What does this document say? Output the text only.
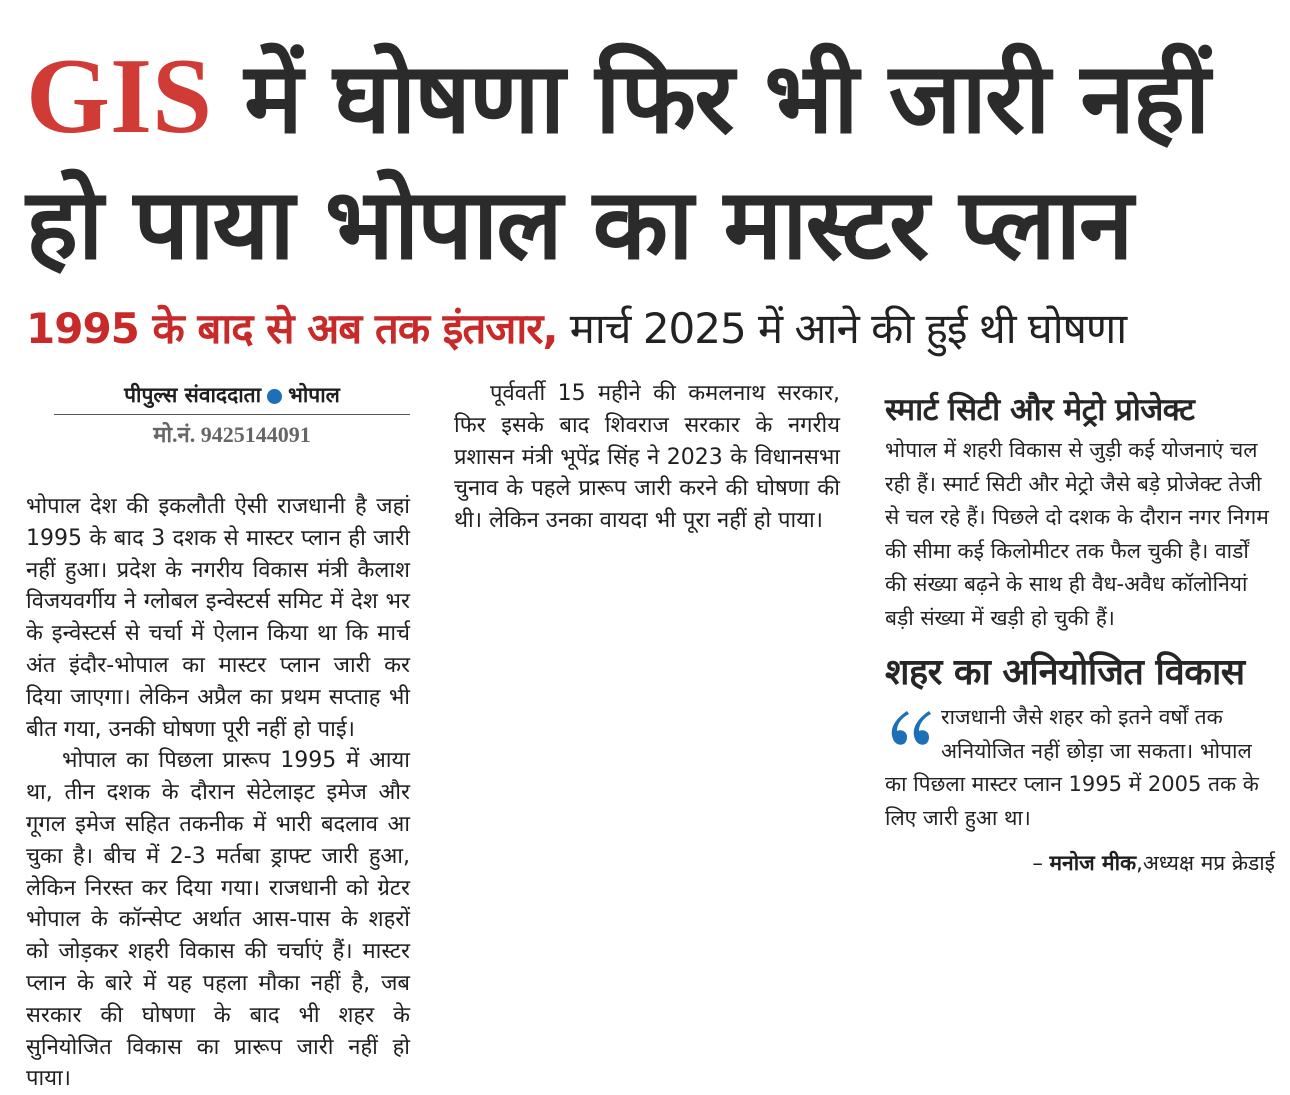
GIS में घोषणा फिर भी जारी नहीं हो पाया भोपाल का मास्टर प्लान
1995 के बाद से अब तक इंतजार, मार्च 2025 में आने की हुई थी घोषणा
पीपुल्स संवाददाता भोपाल
मो.नं. 9425144091

भोपाल देश की इकलौती ऐसी राजधानी है जहां 1995 के बाद 3 दशक से मास्टर प्लान ही जारी नहीं हुआ। प्रदेश के नगरीय विकास मंत्री कैलाश विजयवर्गीय ने ग्लोबल इन्वेस्टर्स समिट में देश भर के इन्वेस्टर्स से चर्चा में ऐलान किया था कि मार्च अंत इंदौर-भोपाल का मास्टर प्लान जारी कर दिया जाएगा। लेकिन अप्रैल का प्रथम सप्ताह भी बीत गया, उनकी घोषणा पूरी नहीं हो पाई।

भोपाल का पिछला प्रारूप 1995 में आया था, तीन दशक के दौरान सेटेलाइट इमेज और गूगल इमेज सहित तकनीक में भारी बदलाव आ चुका है। बीच में 2-3 मर्तबा ड्राफ्ट जारी हुआ, लेकिन निरस्त कर दिया गया। राजधानी को ग्रेटर भोपाल के कॉन्सेप्ट अर्थात आस-पास के शहरों को जोड़कर शहरी विकास की चर्चाएं हैं। मास्टर प्लान के बारे में यह पहला मौका नहीं है, जब सरकार की घोषणा के बाद भी शहर के सुनियोजित विकास का प्रारूप जारी नहीं हो पाया।

पूर्ववर्ती 15 महीने की कमलनाथ सरकार, फिर इसके बाद शिवराज सरकार के नगरीय प्रशासन मंत्री भूपेंद्र सिंह ने 2023 के विधानसभा चुनाव के पहले प्रारूप जारी करने की घोषणा की थी। लेकिन उनका वायदा भी पूरा नहीं हो पाया।

स्मार्ट सिटी और मेट्रो प्रोजेक्ट
भोपाल में शहरी विकास से जुड़ी कई योजनाएं चल रही हैं। स्मार्ट सिटी और मेट्रो जैसे बड़े प्रोजेक्ट तेजी से चल रहे हैं। पिछले दो दशक के दौरान नगर निगम की सीमा कई किलोमीटर तक फैल चुकी है। वार्डों की संख्या बढ़ने के साथ ही वैध-अवैध कॉलोनियां बड़ी संख्या में खड़ी हो चुकी हैं।
शहर का अनियोजित विकास
राजधानी जैसे शहर को इतने वर्षों तक अनियोजित नहीं छोड़ा जा सकता। भोपाल का पिछला मास्टर प्लान 1995 में 2005 तक के लिए जारी हुआ था।
– मनोज मीक,अध्यक्ष मप्र क्रेडाई
